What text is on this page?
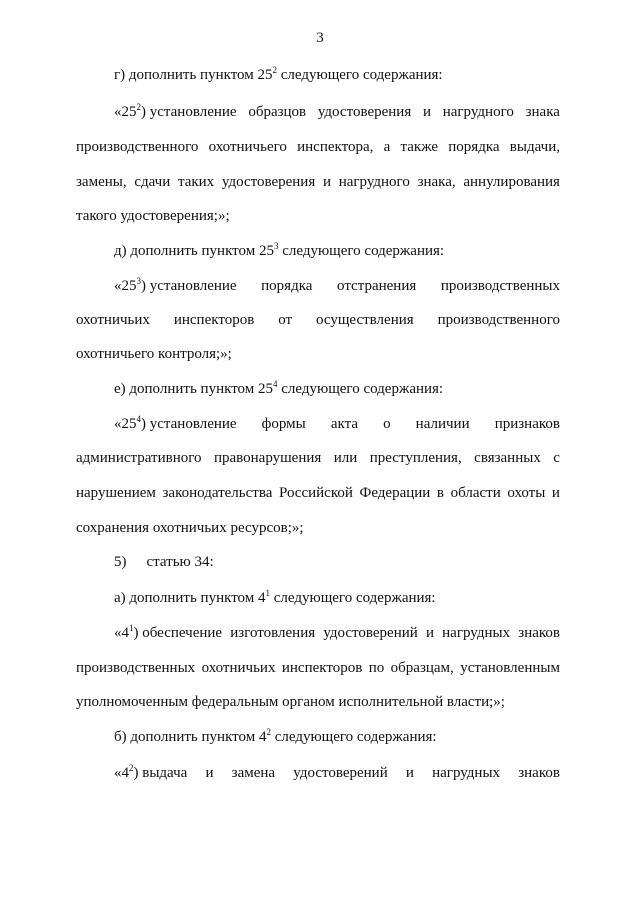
3
г) дополнить пунктом $25^2$ следующего содержания:
«$25^2$) установление образцов удостоверения и нагрудного знака
производственного охотничьего инспектора, а также порядка выдачи,
замены, сдачи таких удостоверения и нагрудного знака, аннулирования
такого удостоверения;»;
д) дополнить пунктом $25^3$ следующего содержания:
«$25^3$) установление порядка отстранения производственных
охотничьих инспекторов от осуществления производственного
охотничьего контроля;»;
е) дополнить пунктом $25^4$ следующего содержания:
«$25^4$) установление формы акта о наличии признаков
административного правонарушения или преступления, связанных с
нарушением законодательства Российской Федерации в области охоты и
сохранения охотничьих ресурсов;»;
5) статью 34:
а) дополнить пунктом $4^1$ следующего содержания:
«$4^1$) обеспечение изготовления удостоверений и нагрудных знаков
производственных охотничьих инспекторов по образцам, установленным
уполномоченным федеральным органом исполнительной власти;»;
б) дополнить пунктом $4^2$ следующего содержания:
«$4^2$) выдача и замена удостоверений и нагрудных знаков
